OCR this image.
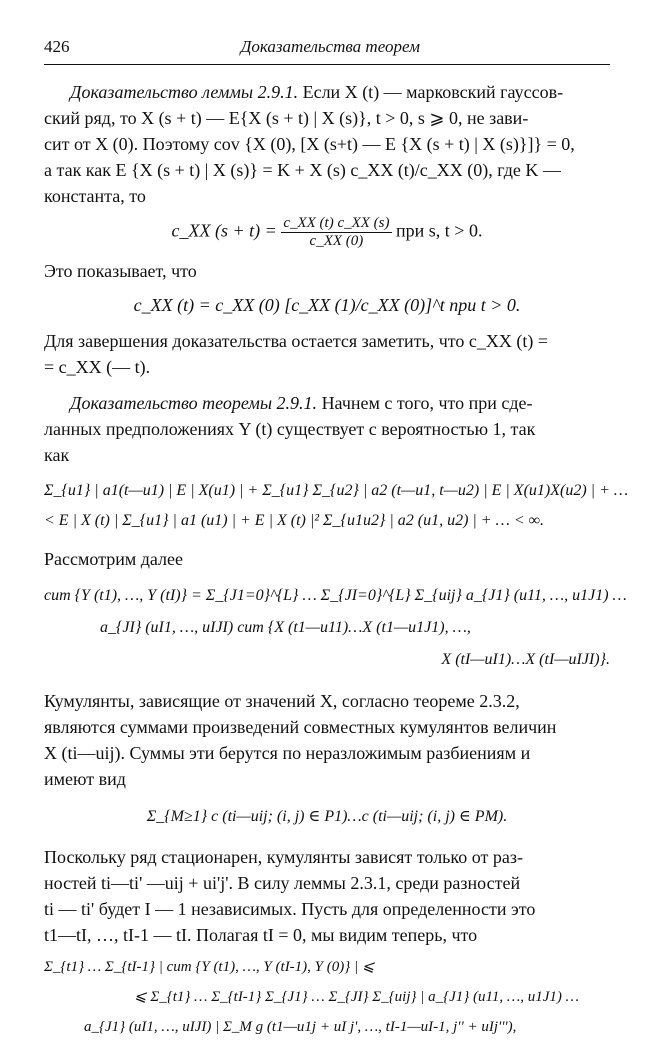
426	Доказательства теорем

Доказательство леммы 2.9.1. Если X (t) — марковский гауссов-
ский ряд, то X (s + t) — E{X (s + t) | X (s)}, t > 0, s ⩾ 0, не зави-
сит от X (0). Поэтому cov {X (0), [X (s+t) — E {X (s + t) | X (s)}]} = 0,
а так как E {X (s + t) | X (s)} = K + X (s) c_XX (t)/c_XX (0), где K —
константа, то

c_XX $(s + t) = \frac{c\_XX (t) c\_XX (s)}{c\_XX (0)}$ при s, t > 0.

Это показывает, что

c_XX (t) = c_XX (0) [c_XX (1)/c_XX (0)]^t при t > 0.

Для завершения доказательства остается заметить, что c_XX (t) =
= c_XX (— t).

Доказательство теоремы 2.9.1. Начнем с того, что при сде-
ланных предположениях Y (t) существует с вероятностью 1, так
как

Σ_{u1} | a1(t—u1) | E | X(u1) | + Σ_{u1} Σ_{u2} | a2 (t—u1, t—u2) | E | X(u1)X(u2) | + …
< E | X (t) | Σ_{u1} | a1 (u1) | + E | X (t) |² Σ_{u1u2} | a2 (u1, u2) | + … < ∞.

Рассмотрим далее

cum {Y (t1), …, Y (tI)} = Σ_{J1=0}^{L} … Σ_{JI=0}^{L} Σ_{uij} a_{J1} (u11, …, u1J1) …
a_{JI} (uI1, …, uIJI) cum {X (t1—u11)…X (t1—u1J1), …,
X (tI—uI1)…X (tI—uIJI)}.

Кумулянты, зависящие от значений X, согласно теореме 2.3.2,
являются суммами произведений совместных кумулянтов величин
X (ti—uij). Суммы эти берутся по неразложимым разбиениям и
имеют вид

Σ_{M≥1} c (ti—uij; (i, j) ∈ P1)…c (ti—uij; (i, j) ∈ PM).

Поскольку ряд стационарен, кумулянты зависят только от раз-
ностей ti—ti' —uij + ui'j'. В силу леммы 2.3.1, среди разностей
ti — ti' будет I — 1 независимых. Пусть для определенности это
t1—tI, …, tI-1 — tI. Полагая tI = 0, мы видим теперь, что

Σ_{t1} … Σ_{tI-1} | cum {Y (t1), …, Y (tI-1), Y (0)} | ⩽
⩽ Σ_{t1} … Σ_{tI-1} Σ_{J1} … Σ_{JI} Σ_{uij} | a_{J1} (u11, …, u1J1) …
a_{J1} (uI1, …, uIJI) | Σ_M g (t1—u1j + uI j', …, tI-1—uI-1, j'' + uIj'''),
